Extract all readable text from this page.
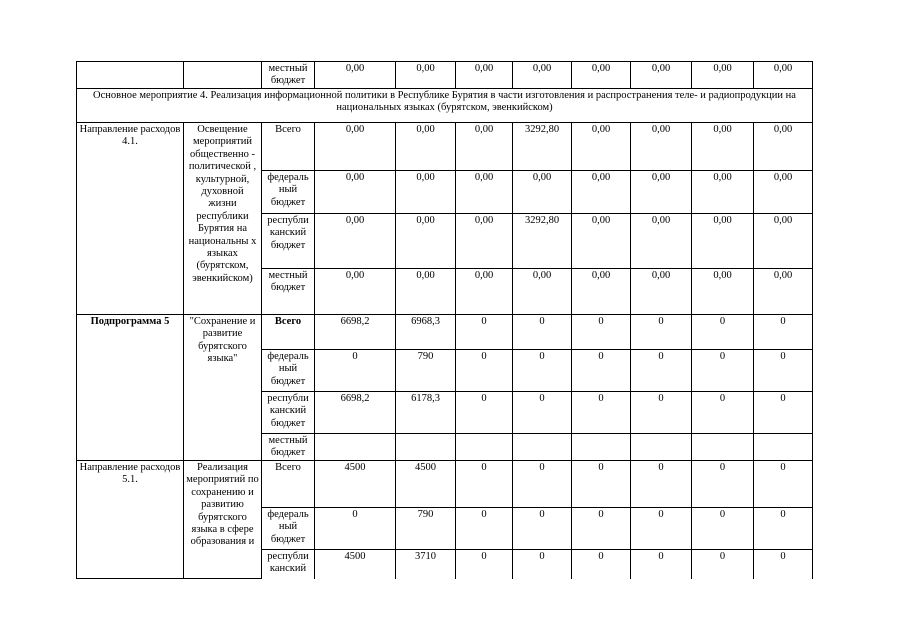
		местный бюджет	0,00	0,00	0,00	0,00	0,00	0,00	0,00	0,00
Основное мероприятие 4. Реализация информационной политики в Республике Бурятия в части изготовления и распространения теле- и радиопродукции на национальных языках (бурятском, эвенкийском)										
Направление расходов 4.1.	Освещение мероприятий общественно - политической , культурной, духовной жизни республики Бурятия на национальны х языках (бурятском, эвенкийском)	Всего	0,00	0,00	0,00	3292,80	0,00	0,00	0,00	0,00
		федераль ный бюджет	0,00	0,00	0,00	0,00	0,00	0,00	0,00	0,00
		республи канский бюджет	0,00	0,00	0,00	3292,80	0,00	0,00	0,00	0,00
		местный бюджет	0,00	0,00	0,00	0,00	0,00	0,00	0,00	0,00
Подпрограмма 5	"Сохранение и развитие бурятского языка"	Всего	6698,2	6968,3	0	0	0	0	0	0
		федераль ный бюджет	0	790	0	0	0	0	0	0
		республи канский бюджет	6698,2	6178,3	0	0	0	0	0	0
		местный бюджет								
Направление расходов 5.1.	Реализация мероприятий по сохранению и развитию бурятского языка в сфере образования и	Всего	4500	4500	0	0	0	0	0	0
		федераль ный бюджет	0	790	0	0	0	0	0	0
		республи канский	4500	3710	0	0	0	0	0	0
